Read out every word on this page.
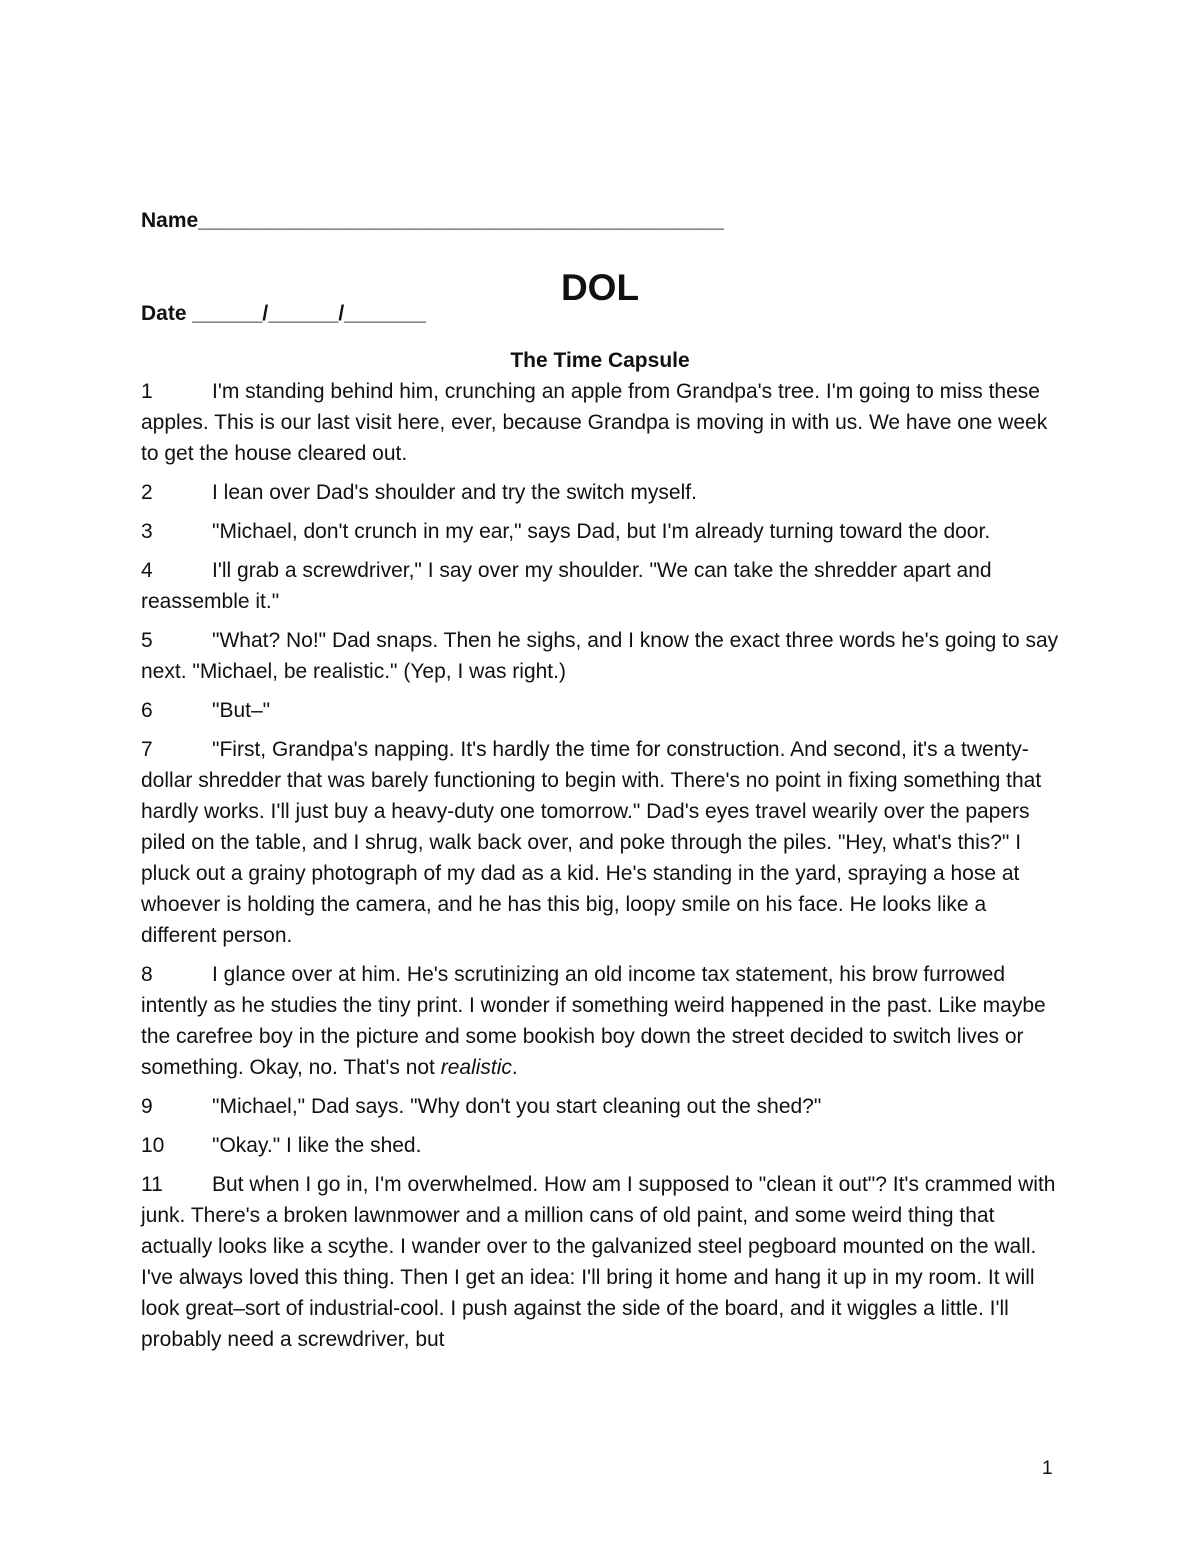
Name_____________________________________________

Date ______/______/_______

DOL
The Time Capsule

1	I'm standing behind him, crunching an apple from Grandpa's tree. I'm going to miss these apples. This is our last visit here, ever, because Grandpa is moving in with us. We have one week to get the house cleared out.

2	I lean over Dad's shoulder and try the switch myself.

3	"Michael, don't crunch in my ear," says Dad, but I'm already turning toward the door.

4	I'll grab a screwdriver," I say over my shoulder. "We can take the shredder apart and reassemble it."

5	"What? No!" Dad snaps. Then he sighs, and I know the exact three words he's going to say next. "Michael, be realistic." (Yep, I was right.)

6	"But–"

7	"First, Grandpa's napping. It's hardly the time for construction. And second, it's a twenty-dollar shredder that was barely functioning to begin with. There's no point in fixing something that hardly works. I'll just buy a heavy-duty one tomorrow." Dad's eyes travel wearily over the papers piled on the table, and I shrug, walk back over, and poke through the piles. "Hey, what's this?" I pluck out a grainy photograph of my dad as a kid. He's standing in the yard, spraying a hose at whoever is holding the camera, and he has this big, loopy smile on his face. He looks like a different person.

8	I glance over at him. He's scrutinizing an old income tax statement, his brow furrowed intently as he studies the tiny print. I wonder if something weird happened in the past. Like maybe the carefree boy in the picture and some bookish boy down the street decided to switch lives or something. Okay, no. That's not realistic.

9	"Michael," Dad says. "Why don't you start cleaning out the shed?"

10 "Okay." I like the shed.

11 But when I go in, I'm overwhelmed. How am I supposed to "clean it out"? It's crammed with junk. There's a broken lawnmower and a million cans of old paint, and some weird thing that actually looks like a scythe. I wander over to the galvanized steel pegboard mounted on the wall. I've always loved this thing. Then I get an idea: I'll bring it home and hang it up in my room. It will look great–sort of industrial-cool. I push against the side of the board, and it wiggles a little. I'll probably need a screwdriver, but

1
